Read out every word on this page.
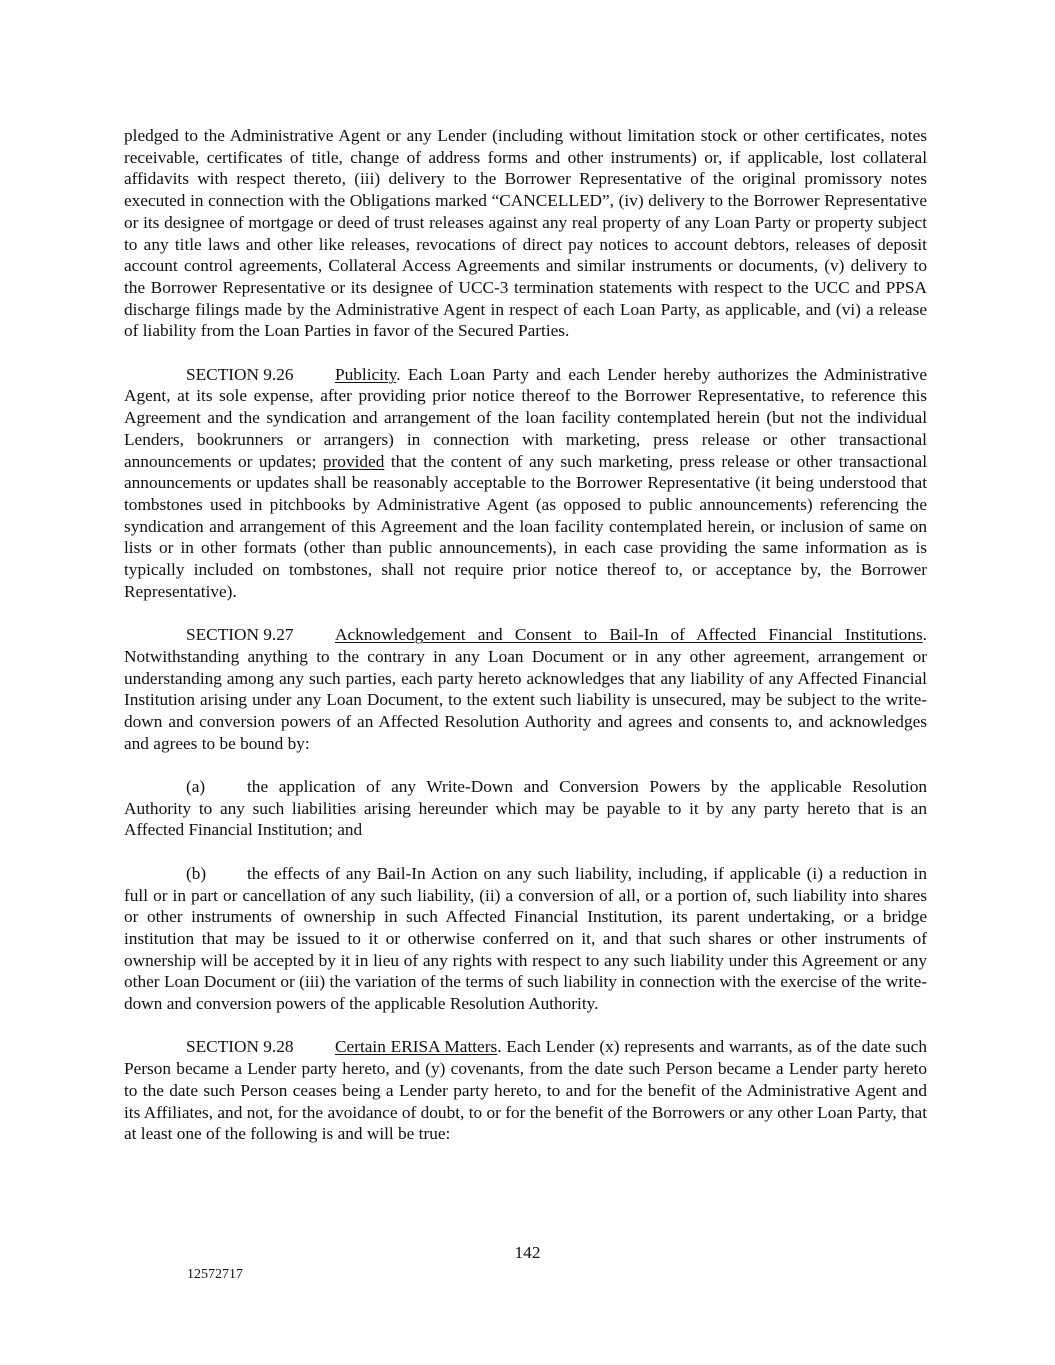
pledged to the Administrative Agent or any Lender (including without limitation stock or other certificates, notes receivable, certificates of title, change of address forms and other instruments) or, if applicable, lost collateral affidavits with respect thereto, (iii) delivery to the Borrower Representative of the original promissory notes executed in connection with the Obligations marked “CANCELLED”, (iv) delivery to the Borrower Representative or its designee of mortgage or deed of trust releases against any real property of any Loan Party or property subject to any title laws and other like releases, revocations of direct pay notices to account debtors, releases of deposit account control agreements, Collateral Access Agreements and similar instruments or documents, (v) delivery to the Borrower Representative or its designee of UCC-3 termination statements with respect to the UCC and PPSA discharge filings made by the Administrative Agent in respect of each Loan Party, as applicable, and (vi) a release of liability from the Loan Parties in favor of the Secured Parties.

SECTION 9.26 Publicity. Each Loan Party and each Lender hereby authorizes the Administrative Agent, at its sole expense, after providing prior notice thereof to the Borrower Representative, to reference this Agreement and the syndication and arrangement of the loan facility contemplated herein (but not the individual Lenders, bookrunners or arrangers) in connection with marketing, press release or other transactional announcements or updates; provided that the content of any such marketing, press release or other transactional announcements or updates shall be reasonably acceptable to the Borrower Representative (it being understood that tombstones used in pitchbooks by Administrative Agent (as opposed to public announcements) referencing the syndication and arrangement of this Agreement and the loan facility contemplated herein, or inclusion of same on lists or in other formats (other than public announcements), in each case providing the same information as is typically included on tombstones, shall not require prior notice thereof to, or acceptance by, the Borrower Representative).

SECTION 9.27 Acknowledgement and Consent to Bail-In of Affected Financial Institutions. Notwithstanding anything to the contrary in any Loan Document or in any other agreement, arrangement or understanding among any such parties, each party hereto acknowledges that any liability of any Affected Financial Institution arising under any Loan Document, to the extent such liability is unsecured, may be subject to the write-down and conversion powers of an Affected Resolution Authority and agrees and consents to, and acknowledges and agrees to be bound by:

(a) the application of any Write-Down and Conversion Powers by the applicable Resolution Authority to any such liabilities arising hereunder which may be payable to it by any party hereto that is an Affected Financial Institution; and

(b) the effects of any Bail-In Action on any such liability, including, if applicable (i) a reduction in full or in part or cancellation of any such liability, (ii) a conversion of all, or a portion of, such liability into shares or other instruments of ownership in such Affected Financial Institution, its parent undertaking, or a bridge institution that may be issued to it or otherwise conferred on it, and that such shares or other instruments of ownership will be accepted by it in lieu of any rights with respect to any such liability under this Agreement or any other Loan Document or (iii) the variation of the terms of such liability in connection with the exercise of the write-down and conversion powers of the applicable Resolution Authority.

SECTION 9.28 Certain ERISA Matters. Each Lender (x) represents and warrants, as of the date such Person became a Lender party hereto, and (y) covenants, from the date such Person became a Lender party hereto to the date such Person ceases being a Lender party hereto, to and for the benefit of the Administrative Agent and its Affiliates, and not, for the avoidance of doubt, to or for the benefit of the Borrowers or any other Loan Party, that at least one of the following is and will be true:

142
12572717
